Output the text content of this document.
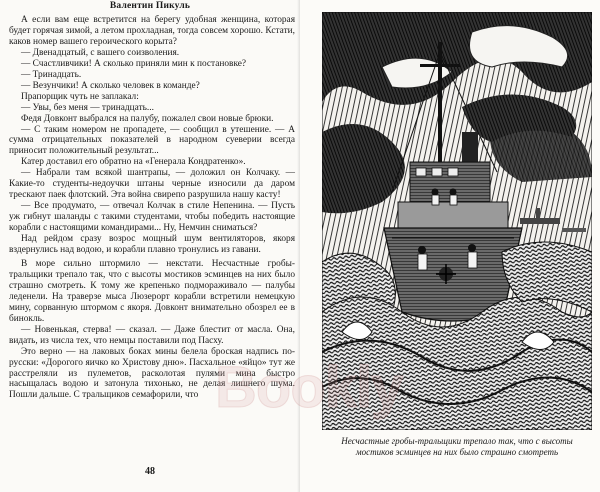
Валентин Пикуль

А если вам еще встретится на берегу удобная женщина, которая будет горячая зимой, а летом прохладная, тогда совсем хорошо. Кстати, каков номер вашего героического корыта?

— Двенадцатый, с вашего соизволения.

— Счастливчики! А сколько приняли мин к постановке?

— Тринадцать.

— Везунчики! А сколько человек в команде?

Прапорщик чуть не заплакал:

— Увы, без меня — тринадцать...

Федя Довконт выбрался на палубу, пожалел свои новые брюки.

— С таким номером не пропадете, — сообщил в утешение. — А сумма отрицательных показателей в народном суеверии всегда приносит положительный результат...

Катер доставил его обратно на «Генерала Кондратенко».

— Набрали там всякой шантрапы, — доложил он Колчаку. — Какие-то студенты-недоучки штаны черные износили да даром трескают паек флотский. Эта война свирепо разрушила нашу касту!

— Все продумато, — отвечал Колчак в стиле Непенина. — Пусть уж гибнут шаланды с такими студентами, чтобы победить настоящие корабли с настоящими командирами... Ну, Немчин сниматься?

Над рейдом сразу возрос мощный шум вентиляторов, якоря вздернулись над водою, и корабли плавно тронулись из гавани.

В море сильно штормило — некстати. Несчастные гробы-тральщики трепало так, что с высоты мостиков эсминцев на них было страшно смотреть. К тому же крепенько подмораживало — палубы леденели. На траверзе мыса Люзерорт корабли встретили немецкую мину, сорванную штормом с якоря. Довконт внимательно обозрел ее в бинокль.

— Новенькая, стерва! — сказал. — Даже блестит от масла. Она, видать, из числа тех, что немцы поставили под Пасху.

Это верно — на лаковых боках мины белела броская надпись по-русски: «Дорогого яичко ко Христову дню». Пасхальное «яйцо» тут же расстреляли из пулеметов, расколотая пулями мина быстро насыщалась водою и затонула тихонько, не делая лишнего шума. Пошли дальше. С тральщиков семафорили, что

48
Несчастные гробы-тральщики трепало так, что с высоты
мостиков эсминцев на них было страшно смотреть
